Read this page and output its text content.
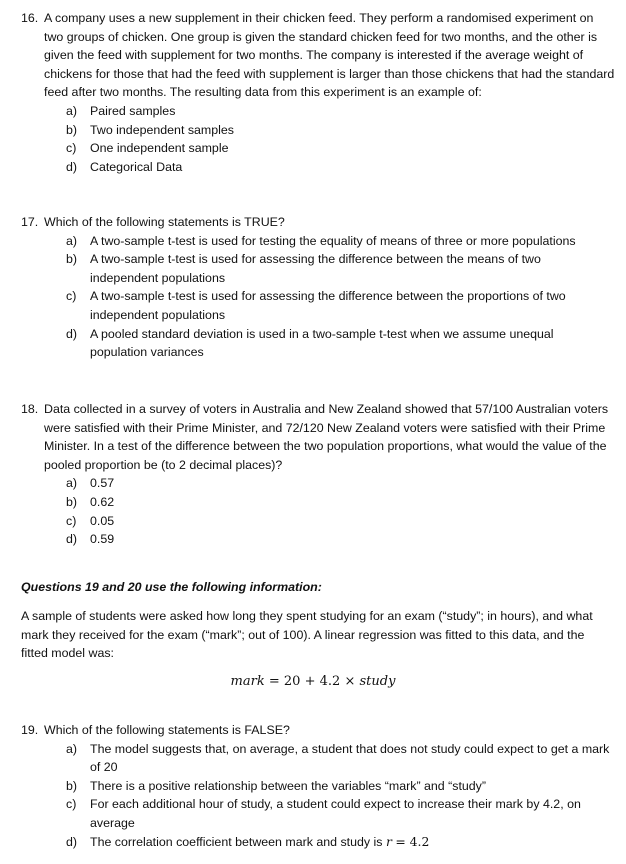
16. A company uses a new supplement in their chicken feed. They perform a randomised experiment on two groups of chicken. One group is given the standard chicken feed for two months, and the other is given the feed with supplement for two months. The company is interested if the average weight of chickens for those that had the feed with supplement is larger than those chickens that had the standard feed after two months. The resulting data from this experiment is an example of:
a) Paired samples
b) Two independent samples
c) One independent sample
d) Categorical Data
17. Which of the following statements is TRUE?
a) A two-sample t-test is used for testing the equality of means of three or more populations
b) A two-sample t-test is used for assessing the difference between the means of two independent populations
c) A two-sample t-test is used for assessing the difference between the proportions of two independent populations
d) A pooled standard deviation is used in a two-sample t-test when we assume unequal population variances
18. Data collected in a survey of voters in Australia and New Zealand showed that 57/100 Australian voters were satisfied with their Prime Minister, and 72/120 New Zealand voters were satisfied with their Prime Minister. In a test of the difference between the two population proportions, what would the value of the pooled proportion be (to 2 decimal places)?
a) 0.57
b) 0.62
c) 0.05
d) 0.59
Questions 19 and 20 use the following information:
A sample of students were asked how long they spent studying for an exam (“study”; in hours), and what mark they received for the exam (“mark”; out of 100). A linear regression was fitted to this data, and the fitted model was:
mark = 20 + 4.2 × study
19. Which of the following statements is FALSE?
a) The model suggests that, on average, a student that does not study could expect to get a mark of 20
b) There is a positive relationship between the variables “mark” and “study”
c) For each additional hour of study, a student could expect to increase their mark by 4.2, on average
d) The correlation coefficient between mark and study is r = 4.2
